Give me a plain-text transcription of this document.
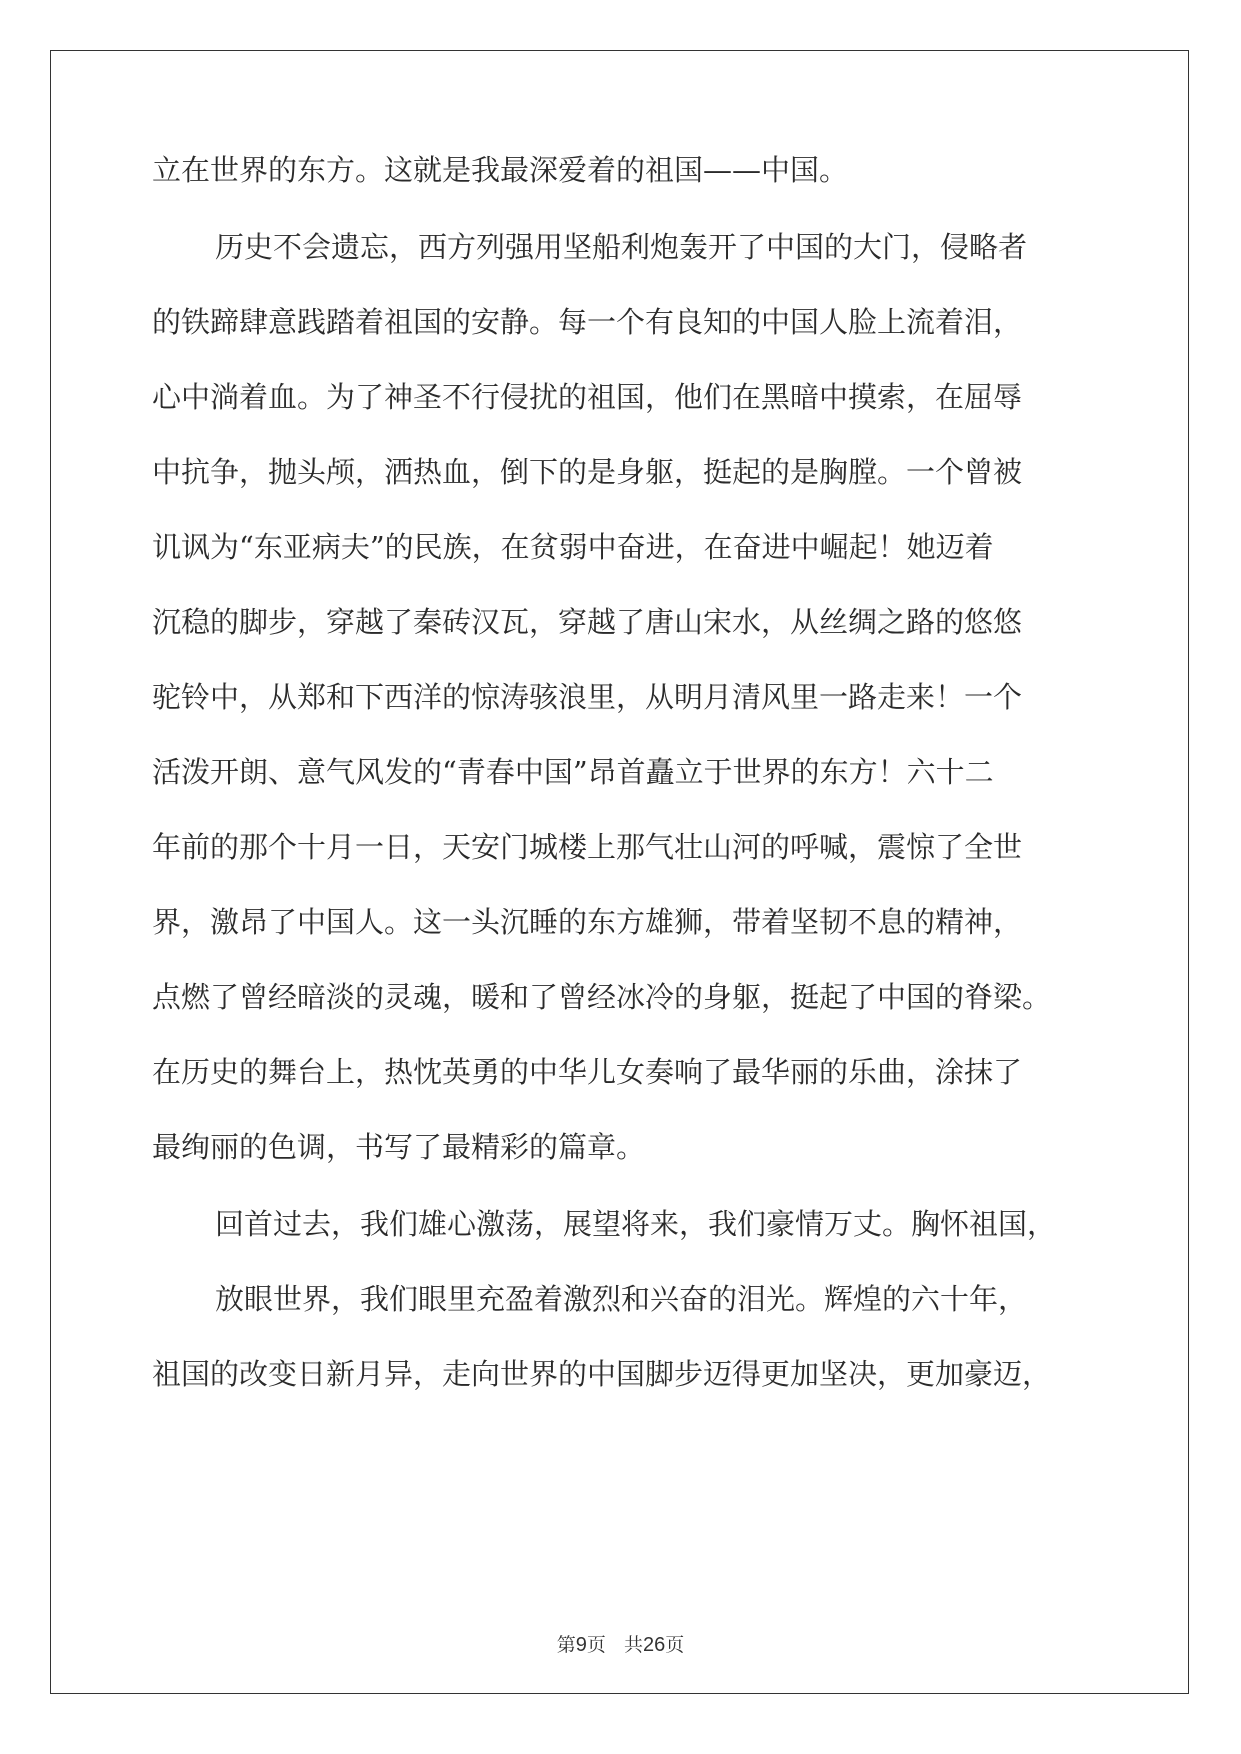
立在世界的东方。这就是我最深爱着的祖国——中国。
历史不会遗忘，西方列强用坚船利炮轰开了中国的大门，侵略者
的铁蹄肆意践踏着祖国的安静。每一个有良知的中国人脸上流着泪，
心中淌着血。为了神圣不行侵扰的祖国，他们在黑暗中摸索，在屈辱
中抗争，抛头颅，洒热血，倒下的是身躯，挺起的是胸膛。一个曾被
讥讽为“东亚病夫”的民族，在贫弱中奋进，在奋进中崛起！她迈着
沉稳的脚步，穿越了秦砖汉瓦，穿越了唐山宋水，从丝绸之路的悠悠
驼铃中，从郑和下西洋的惊涛骇浪里，从明月清风里一路走来！一个
活泼开朗、意气风发的“青春中国”昂首矗立于世界的东方！六十二
年前的那个十月一日，天安门城楼上那气壮山河的呼喊，震惊了全世
界，激昂了中国人。这一头沉睡的东方雄狮，带着坚韧不息的精神，
点燃了曾经暗淡的灵魂，暖和了曾经冰冷的身躯，挺起了中国的脊梁。
在历史的舞台上，热忱英勇的中华儿女奏响了最华丽的乐曲，涂抹了
最绚丽的色调，书写了最精彩的篇章。
回首过去，我们雄心激荡，展望将来，我们豪情万丈。胸怀祖国，
放眼世界，我们眼里充盈着激烈和兴奋的泪光。辉煌的六十年，
祖国的改变日新月异，走向世界的中国脚步迈得更加坚决，更加豪迈，
第9页 共26页
